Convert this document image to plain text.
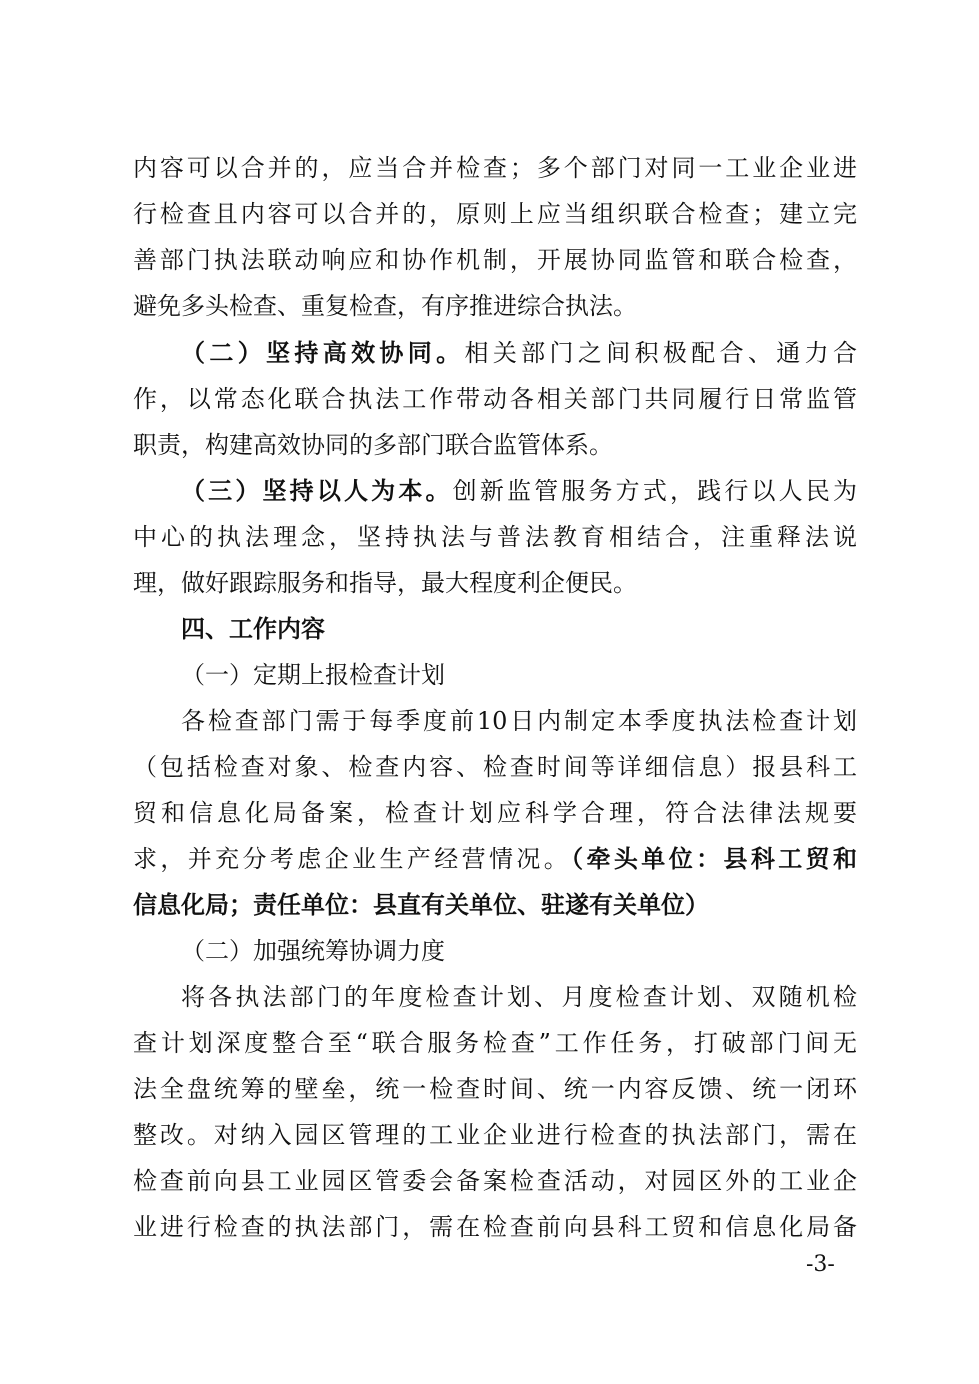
内容可以合并的，应当合并检查；多个部门对同一工业企业进
行检查且内容可以合并的，原则上应当组织联合检查；建立完
善部门执法联动响应和协作机制，开展协同监管和联合检查，
避免多头检查、重复检查，有序推进综合执法。
（二）坚持高效协同。相关部门之间积极配合、通力合
作，以常态化联合执法工作带动各相关部门共同履行日常监管
职责，构建高效协同的多部门联合监管体系。
（三）坚持以人为本。创新监管服务方式，践行以人民为
中心的执法理念，坚持执法与普法教育相结合，注重释法说
理，做好跟踪服务和指导，最大程度利企便民。
四、工作内容
（一）定期上报检查计划
各检查部门需于每季度前10日内制定本季度执法检查计划
（包括检查对象、检查内容、检查时间等详细信息）报县科工
贸和信息化局备案，检查计划应科学合理，符合法律法规要
求，并充分考虑企业生产经营情况。（牵头单位：县科工贸和
信息化局；责任单位：县直有关单位、驻遂有关单位）
（二）加强统筹协调力度
将各执法部门的年度检查计划、月度检查计划、双随机检
查计划深度整合至“联合服务检查”工作任务，打破部门间无
法全盘统筹的壁垒，统一检查时间、统一内容反馈、统一闭环
整改。对纳入园区管理的工业企业进行检查的执法部门，需在
检查前向县工业园区管委会备案检查活动，对园区外的工业企
业进行检查的执法部门，需在检查前向县科工贸和信息化局备
-3-
